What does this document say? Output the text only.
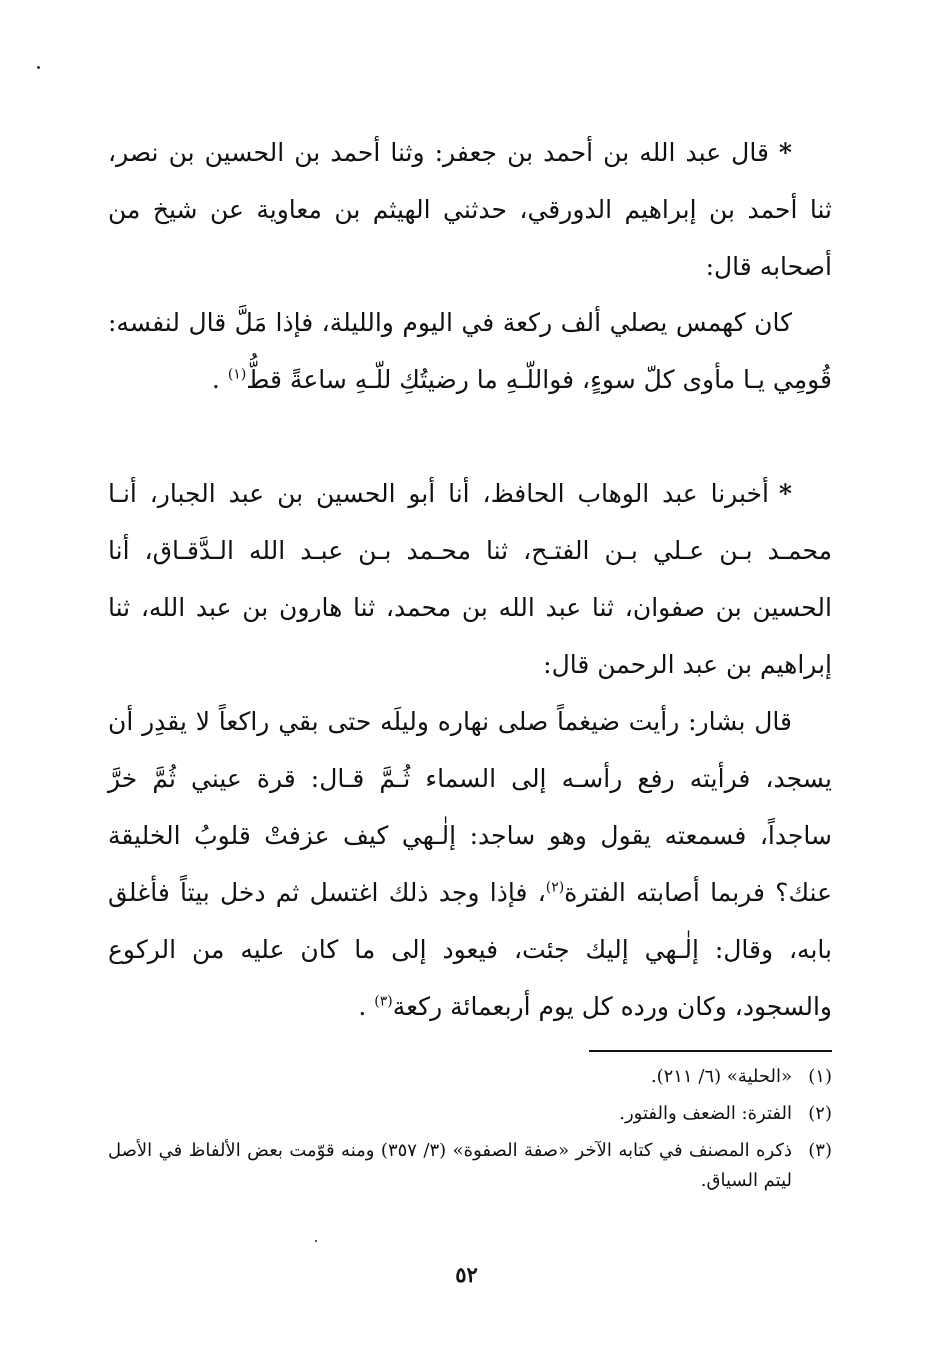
*قال عبد الله بن أحمد بن جعفر: وثنا أحمد بن الحسين بن نصر، ثنا أحمد بن إبراهيم الدورقي، حدثني الهيثم بن معاوية عن شيخ من أصحابه قال:

كان كهمس يصلي ألف ركعة في اليوم والليلة، فإذا مَلَّ قال لنفسه: قُومِي يـا مأوى كلّ سوءٍ، فواللّـهِ ما رضيتُكِ للّـهِ ساعةً قطُّ$^{(١)}$ .

*أخبرنا عبد الوهاب الحافظ، أنا أبو الحسين بن عبد الجبار، أنـا محمـد بـن عـلي بـن الفتـح، ثنا محـمد بـن عبـد الله الـدَّقـاق، أنا الحسين بن صفوان، ثنا عبد الله بن محمد، ثنا هارون بن عبد الله، ثنا إبراهيم بن عبد الرحمن قال:

قال بشار: رأيت ضيغماً صلى نهاره وليلَه حتى بقي راكعاً لا يقدِر أن يسجد، فرأيته رفع رأسـه إلى السماء ثُـمَّ قـال: قرة عيني ثُمَّ خرَّ ساجداً، فسمعته يقول وهو ساجد: إلٰـهي كيف عزفتْ قلوبُ الخليقة عنك؟ فربما أصابته الفترة$^{(٢)}$، فإذا وجد ذلك اغتسل ثم دخل بيتاً فأغلق بابه، وقال: إلٰـهي إليك جئت، فيعود إلى ما كان عليه من الركوع والسجود، وكان ورده كل يوم أربعمائة ركعة$^{(٣)}$ .

(١)
«الحلية» (٦/ ٢١١).
(٢)
الفترة: الضعف والفتور.
(٣)
ذكره المصنف في كتابه الآخر «صفة الصفوة» (٣/ ٣٥٧) ومنه قوّمت بعض الألفاظ في الأصل ليتم السياق.
٥٢
